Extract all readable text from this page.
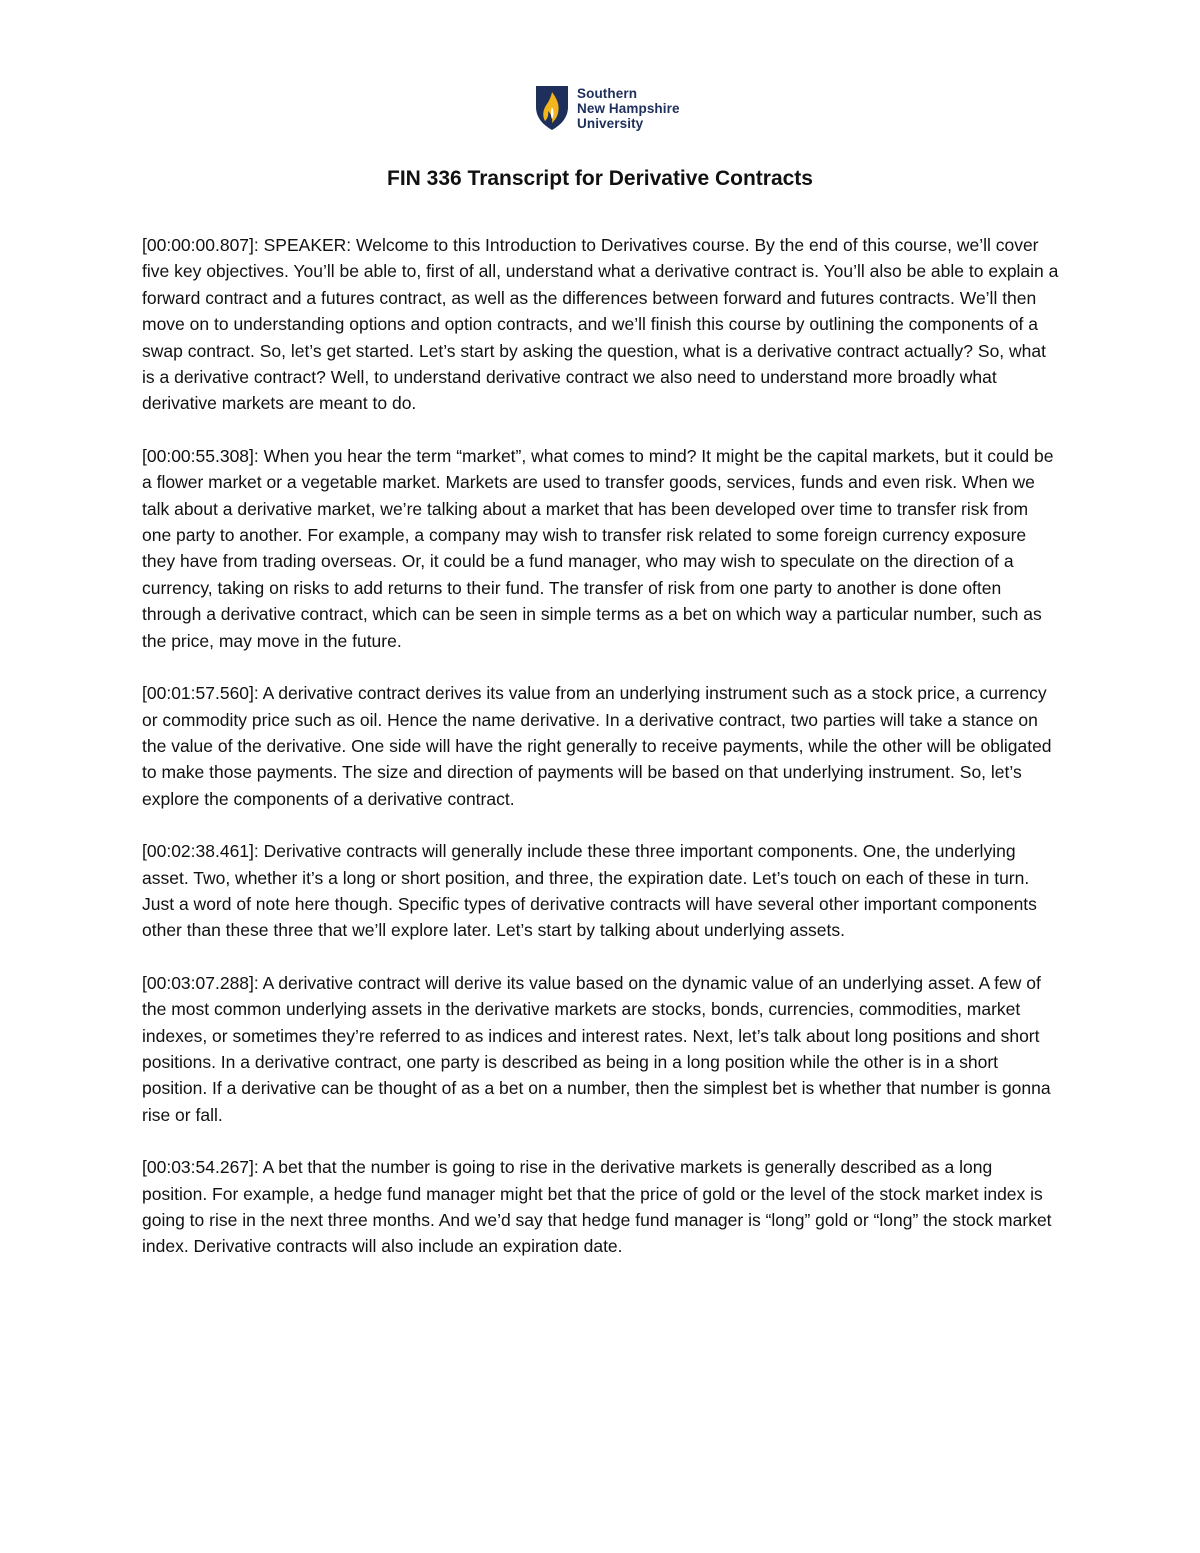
Southern
New Hampshire
University
FIN 336 Transcript for Derivative Contracts

[00:00:00.807]: SPEAKER: Welcome to this Introduction to Derivatives course. By the end of this course, we’ll cover five key objectives. You’ll be able to, first of all, understand what a derivative contract is. You’ll also be able to explain a forward contract and a futures contract, as well as the differences between forward and futures contracts. We’ll then move on to understanding options and option contracts, and we’ll finish this course by outlining the components of a swap contract. So, let’s get started. Let’s start by asking the question, what is a derivative contract actually? So, what is a derivative contract? Well, to understand derivative contract we also need to understand more broadly what derivative markets are meant to do.

[00:00:55.308]: When you hear the term “market”, what comes to mind? It might be the capital markets, but it could be a flower market or a vegetable market. Markets are used to transfer goods, services, funds and even risk. When we talk about a derivative market, we’re talking about a market that has been developed over time to transfer risk from one party to another. For example, a company may wish to transfer risk related to some foreign currency exposure they have from trading overseas. Or, it could be a fund manager, who may wish to speculate on the direction of a currency, taking on risks to add returns to their fund. The transfer of risk from one party to another is done often through a derivative contract, which can be seen in simple terms as a bet on which way a particular number, such as the price, may move in the future.

[00:01:57.560]: A derivative contract derives its value from an underlying instrument such as a stock price, a currency or commodity price such as oil. Hence the name derivative. In a derivative contract, two parties will take a stance on the value of the derivative. One side will have the right generally to receive payments, while the other will be obligated to make those payments. The size and direction of payments will be based on that underlying instrument. So, let’s explore the components of a derivative contract.

[00:02:38.461]: Derivative contracts will generally include these three important components. One, the underlying asset. Two, whether it’s a long or short position, and three, the expiration date. Let’s touch on each of these in turn. Just a word of note here though. Specific types of derivative contracts will have several other important components other than these three that we’ll explore later. Let’s start by talking about underlying assets.

[00:03:07.288]: A derivative contract will derive its value based on the dynamic value of an underlying asset. A few of the most common underlying assets in the derivative markets are stocks, bonds, currencies, commodities, market indexes, or sometimes they’re referred to as indices and interest rates. Next, let’s talk about long positions and short positions. In a derivative contract, one party is described as being in a long position while the other is in a short position. If a derivative can be thought of as a bet on a number, then the simplest bet is whether that number is gonna rise or fall.

[00:03:54.267]: A bet that the number is going to rise in the derivative markets is generally described as a long position. For example, a hedge fund manager might bet that the price of gold or the level of the stock market index is going to rise in the next three months. And we’d say that hedge fund manager is “long” gold or “long” the stock market index. Derivative contracts will also include an expiration date.
